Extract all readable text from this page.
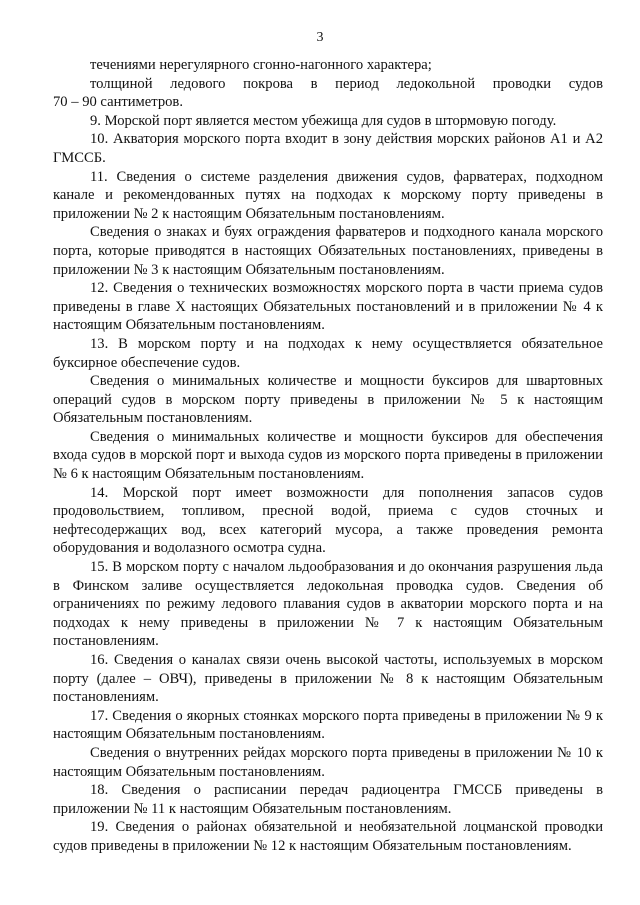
3

течениями нерегулярного сгонно-нагонного характера;
толщиной ледового покрова в период ледокольной проводки судов
70 – 90 сантиметров.

9. Морской порт является местом убежища для судов в штормовую погоду.

10. Акватория морского порта входит в зону действия морских районов А1 и А2 ГМССБ.

11. Сведения о системе разделения движения судов, фарватерах, подходном канале и рекомендованных путях на подходах к морскому порту приведены в приложении № 2 к настоящим Обязательным постановлениям.

Сведения о знаках и буях ограждения фарватеров и подходного канала морского порта, которые приводятся в настоящих Обязательных постановлениях, приведены в приложении № 3 к настоящим Обязательным постановлениям.

12. Сведения о технических возможностях морского порта в части приема судов приведены в главе X настоящих Обязательных постановлений и в приложении № 4 к настоящим Обязательным постановлениям.

13. В морском порту и на подходах к нему осуществляется обязательное буксирное обеспечение судов.

Сведения о минимальных количестве и мощности буксиров для швартовных операций судов в морском порту приведены в приложении № 5 к настоящим Обязательным постановлениям.

Сведения о минимальных количестве и мощности буксиров для обеспечения входа судов в морской порт и выхода судов из морского порта приведены в приложении № 6 к настоящим Обязательным постановлениям.

14. Морской порт имеет возможности для пополнения запасов судов продовольствием, топливом, пресной водой, приема с судов сточных и нефтесодержащих вод, всех категорий мусора, а также проведения ремонта оборудования и водолазного осмотра судна.

15. В морском порту с началом льдообразования и до окончания разрушения льда в Финском заливе осуществляется ледокольная проводка судов. Сведения об ограничениях по режиму ледового плавания судов в акватории морского порта и на подходах к нему приведены в приложении № 7 к настоящим Обязательным постановлениям.

16. Сведения о каналах связи очень высокой частоты, используемых в морском порту (далее – ОВЧ), приведены в приложении № 8 к настоящим Обязательным постановлениям.

17. Сведения о якорных стоянках морского порта приведены в приложении № 9 к настоящим Обязательным постановлениям.

Сведения о внутренних рейдах морского порта приведены в приложении № 10 к настоящим Обязательным постановлениям.

18. Сведения о расписании передач радиоцентра ГМССБ приведены в приложении № 11 к настоящим Обязательным постановлениям.

19. Сведения о районах обязательной и необязательной лоцманской проводки судов приведены в приложении № 12 к настоящим Обязательным постановлениям.
